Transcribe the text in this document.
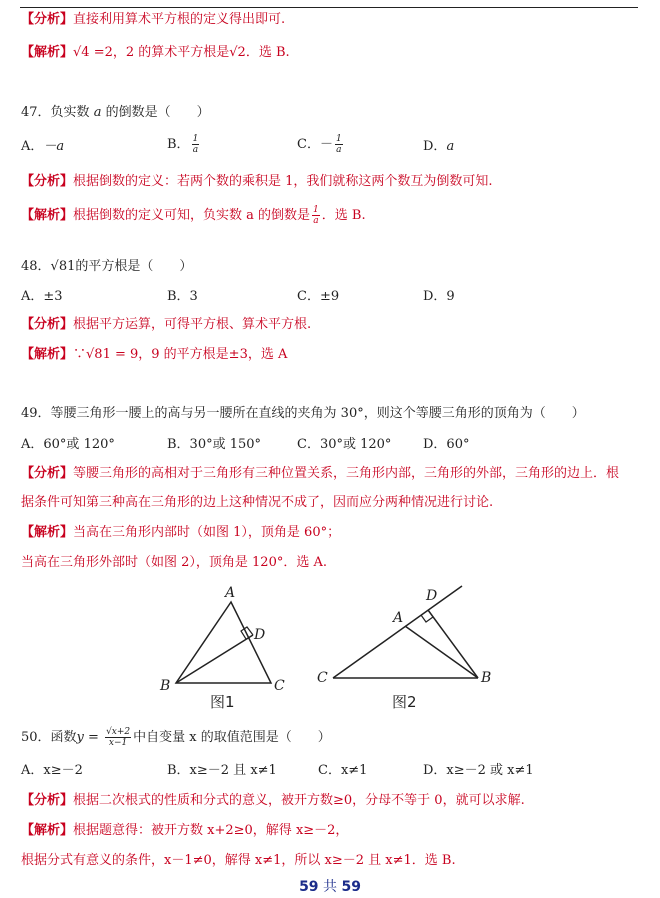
【分析】直接利用算术平方根的定义得出即可.
【解析】√4 =2，2 的算术平方根是√2．选 B.
47．负实数 a 的倒数是（　　）
A．－a	B． $\frac{1}{a}$	C．－ $\frac{1}{a}$	D．a
【分析】根据倒数的定义：若两个数的乘积是 1，我们就称这两个数互为倒数可知.
【解析】根据倒数的定义可知，负实数 a 的倒数是 $\frac{1}{a}$ ．选 B.
48．√81的平方根是（　　）
A．±3	B．3	C．±9	D．9
【分析】根据平方运算，可得平方根、算术平方根.
【解析】∵√81 = 9，9 的平方根是±3，选 A
49．等腰三角形一腰上的高与另一腰所在直线的夹角为 30°，则这个等腰三角形的顶角为（　　）
A．60°或 120°	B．30°或 150°	C．30°或 120° D．60°
【分析】等腰三角形的高相对于三角形有三种位置关系，三角形内部，三角形的外部，三角形的边上．根
据条件可知第三种高在三角形的边上这种情况不成了，因而应分两种情况进行讨论.
【解析】当高在三角形内部时（如图 1），顶角是 60°；
当高在三角形外部时（如图 2），顶角是 120°．选 A.
A
B	C
D
图1
A
B
C
D
图2
50．函数$y = \frac{√x+2}{x-1}$ 中自变量 x 的取值范围是（　　）
A．x≥－2	B．x≥－2 且 x≠1	C．x≠1	D．x≥－2 或 x≠1
【分析】根据二次根式的性质和分式的意义，被开方数≥0，分母不等于 0，就可以求解.
【解析】根据题意得：被开方数 x+2≥0，解得 x≥－2，
根据分式有意义的条件，x－1≠0，解得 x≠1，所以 x≥－2 且 x≠1．选 B.
59 共 59
